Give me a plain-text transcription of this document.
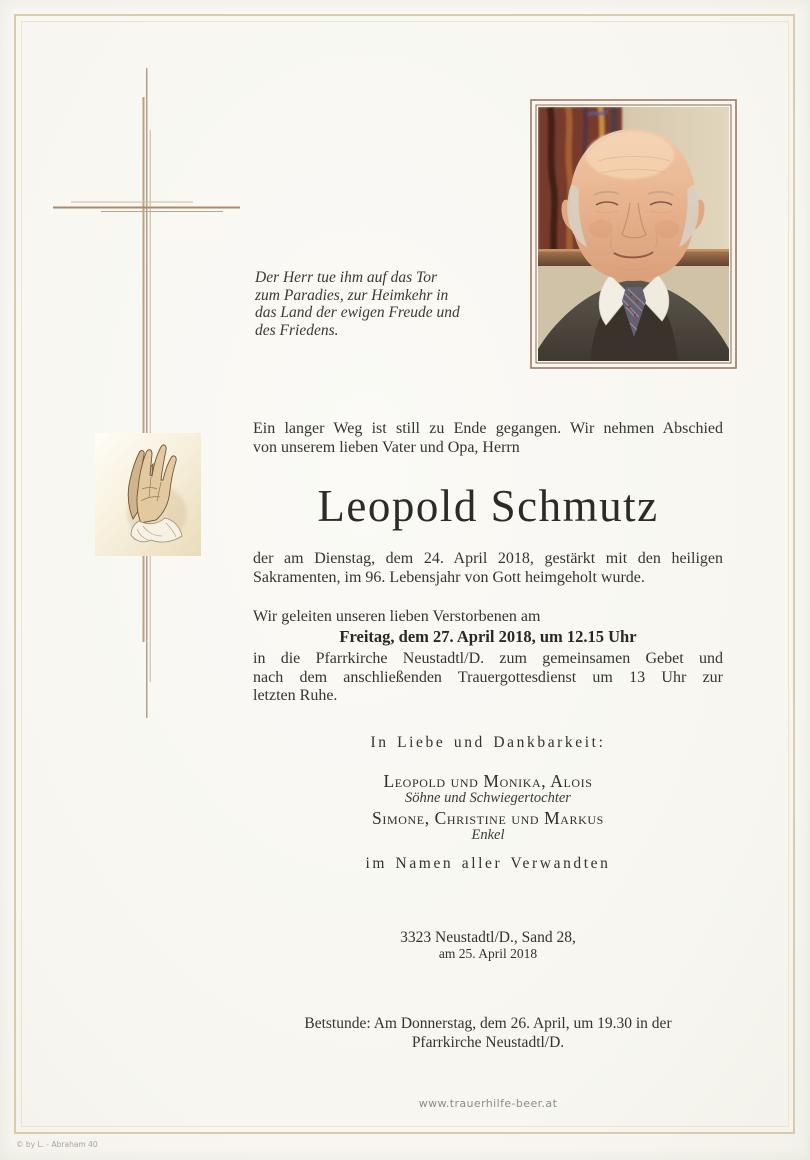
Der Herr tue ihm auf das Tor
zum Paradies, zur Heimkehr in
das Land der ewigen Freude und
des Friedens.
Ein langer Weg ist still zu Ende gegangen. Wir nehmen Abschied
von unserem lieben Vater und Opa, Herrn
Leopold Schmutz
der am Dienstag, dem 24. April 2018, gestärkt mit den heiligen
Sakramenten, im 96. Lebensjahr von Gott heimgeholt wurde.
Wir geleiten unseren lieben Verstorbenen am
Freitag, dem 27. April 2018, um 12.15 Uhr
in die Pfarrkirche Neustadtl/D. zum gemeinsamen Gebet und
nach dem anschließenden Trauergottesdienst um 13 Uhr zur
letzten Ruhe.
In Liebe und Dankbarkeit:
Leopold und Monika, Alois
Söhne und Schwiegertochter
Simone, Christine und Markus
Enkel
im Namen aller Verwandten
3323 Neustadtl/D., Sand 28,
am 25. April 2018
Betstunde: Am Donnerstag, dem 26. April, um 19.30 in der
Pfarrkirche Neustadtl/D.
www.trauerhilfe-beer.at
© by L. - Abraham 40
